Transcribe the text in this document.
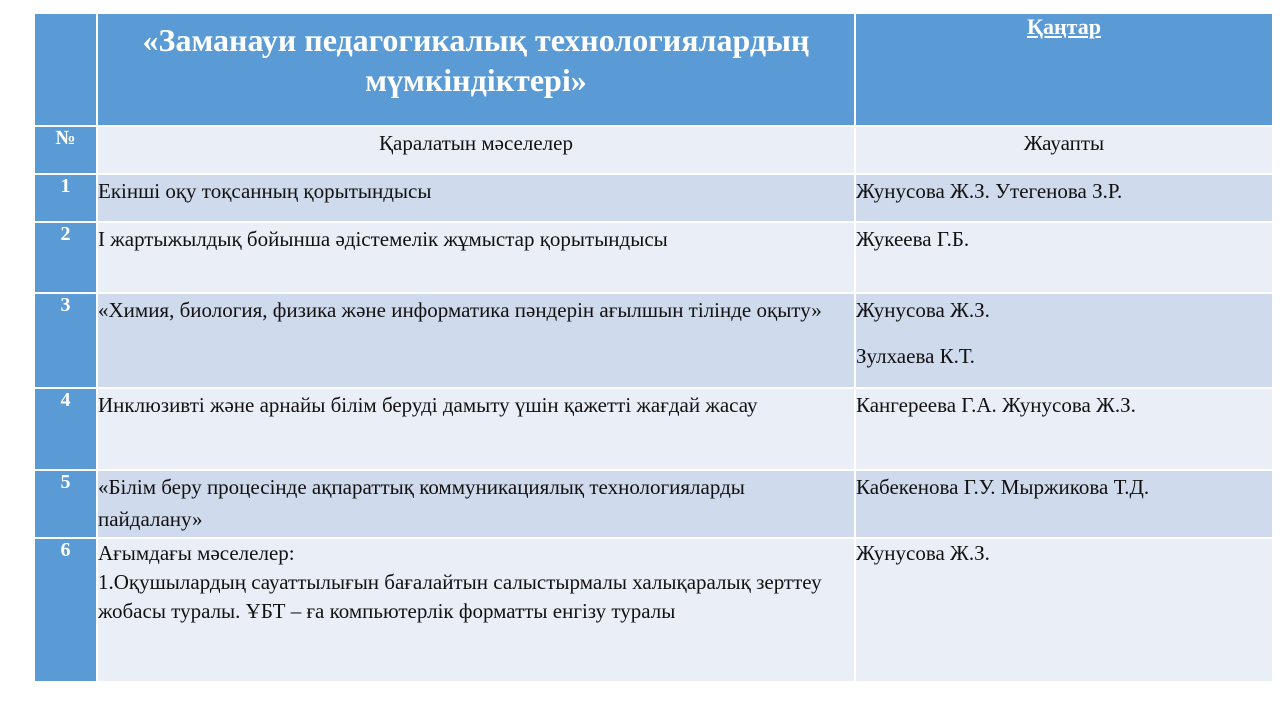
	«Заманауи педагогикалық технологиялардың мүмкіндіктері»	Қаңтар

№	Қаралатын мәселелер	Жауапты
1	Екінші оқу тоқсанның қорытындысы	Жунусова Ж.З. Утегенова З.Р.

2	І жартыжылдық бойынша әдістемелік жұмыстар қорытындысы	Жукеева Г.Б.

3	«Химия, биология, физика және информатика пәндерін ағылшын тілінде оқыту»	Жунусова Ж.З.
Зулхаева К.Т.

4	Инклюзивті және арнайы білім беруді дамыту үшін қажетті жағдай жасау	Кангереева Г.А. Жунусова Ж.З.

5	«Білім беру процесінде ақпараттық коммуникациялық технологияларды пайдалану»	Кабекенова Г.У. Мыржикова Т.Д.

6	Ағымдағы мәселелер:
1.Оқушылардың сауаттылығын бағалайтын салыстырмалы халықаралық зерттеу жобасы туралы. ҰБТ – ға компьютерлік форматты енгізу туралы	Жунусова Ж.З.
